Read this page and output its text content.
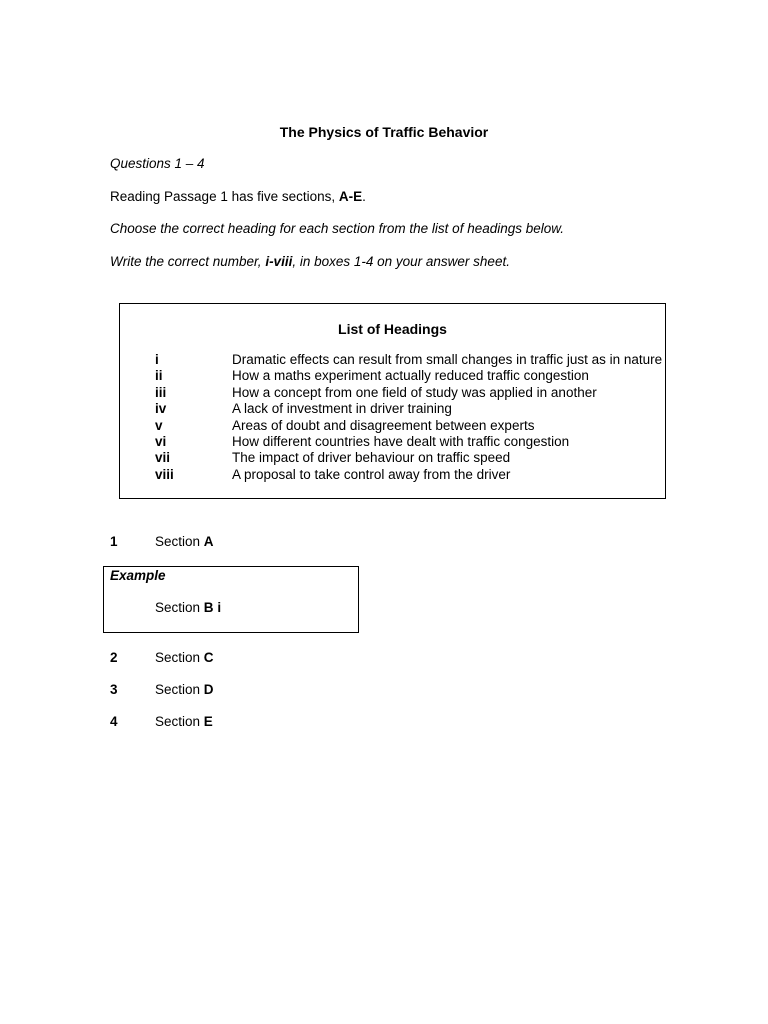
The Physics of Traffic Behavior
Questions 1 – 4
Reading Passage 1 has five sections, A-E.
Choose the correct heading for each section from the list of headings below.
Write the correct number, i-viii, in boxes 1-4 on your answer sheet.
List of Headings
i	Dramatic effects can result from small changes in traffic just as in nature
ii	How a maths experiment actually reduced traffic congestion
iii	How a concept from one field of study was applied in another
iv	A lack of investment in driver training
v	Areas of doubt and disagreement between experts
vi	How different countries have dealt with traffic congestion
vii	The impact of driver behaviour on traffic speed
viii	A proposal to take control away from the driver
1	Section A
Example
Section B i
2	Section C
3	Section D
4	Section E
